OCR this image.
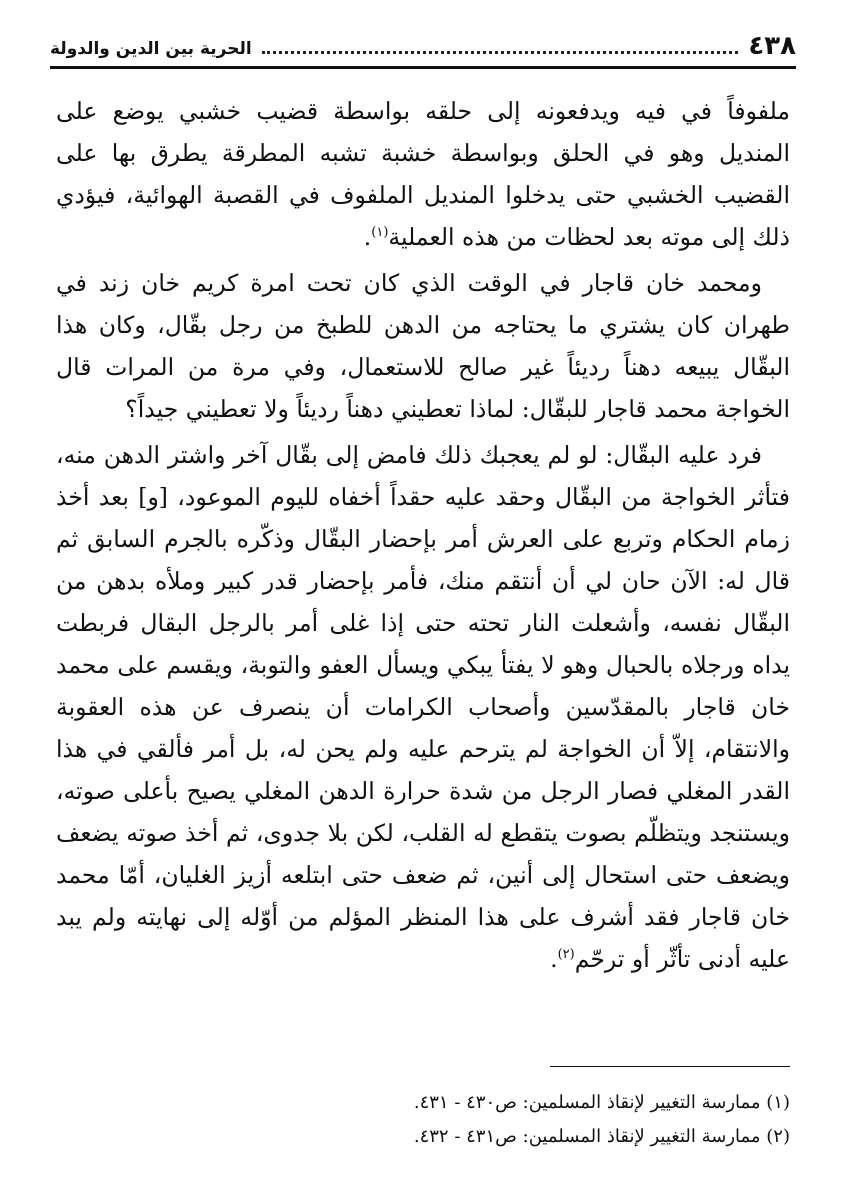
٤٣٨
الحرية بين الدين والدولة

ملفوفاً في فيه ويدفعونه إلى حلقه بواسطة قضيب خشبي يوضع على المنديل وهو في الحلق وبواسطة خشبة تشبه المطرقة يطرق بها على القضيب الخشبي حتى يدخلوا المنديل الملفوف في القصبة الهوائية، فيؤدي ذلك إلى موته بعد لحظات من هذه العملية$^{(١)}$.

ومحمد خان قاجار في الوقت الذي كان تحت امرة كريم خان زند في طهران كان يشتري ما يحتاجه من الدهن للطبخ من رجل بقّال، وكان هذا البقّال يبيعه دهناً رديئاً غير صالح للاستعمال، وفي مرة من المرات قال الخواجة محمد قاجار للبقّال: لماذا تعطيني دهناً رديئاً ولا تعطيني جيداً؟

فرد عليه البقّال: لو لم يعجبك ذلك فامض إلى بقّال آخر واشتر الدهن منه، فتأثر الخواجة من البقّال وحقد عليه حقداً أخفاه لليوم الموعود، [و] بعد أخذ زمام الحكام وتربع على العرش أمر بإحضار البقّال وذكّره بالجرم السابق ثم قال له: الآن حان لي أن أنتقم منك، فأمر بإحضار قدر كبير وملأه بدهن من البقّال نفسه، وأشعلت النار تحته حتى إذا غلى أمر بالرجل البقال فربطت يداه ورجلاه بالحبال وهو لا يفتأ يبكي ويسأل العفو والتوبة، ويقسم على محمد خان قاجار بالمقدّسين وأصحاب الكرامات أن ينصرف عن هذه العقوبة والانتقام، إلاّ أن الخواجة لم يترحم عليه ولم يحن له، بل أمر فألقي في هذا القدر المغلي فصار الرجل من شدة حرارة الدهن المغلي يصيح بأعلى صوته، ويستنجد ويتظلّم بصوت يتقطع له القلب، لكن بلا جدوى، ثم أخذ صوته يضعف ويضعف حتى استحال إلى أنين، ثم ضعف حتى ابتلعه أزيز الغليان، أمّا محمد خان قاجار فقد أشرف على هذا المنظر المؤلم من أوّله إلى نهايته ولم يبد عليه أدنى تأثّر أو ترحّم$^{(٢)}$.

(١) ممارسة التغيير لإنقاذ المسلمين: ص٤٣٠ - ٤٣١.
(٢) ممارسة التغيير لإنقاذ المسلمين: ص٤٣١ - ٤٣٢.
